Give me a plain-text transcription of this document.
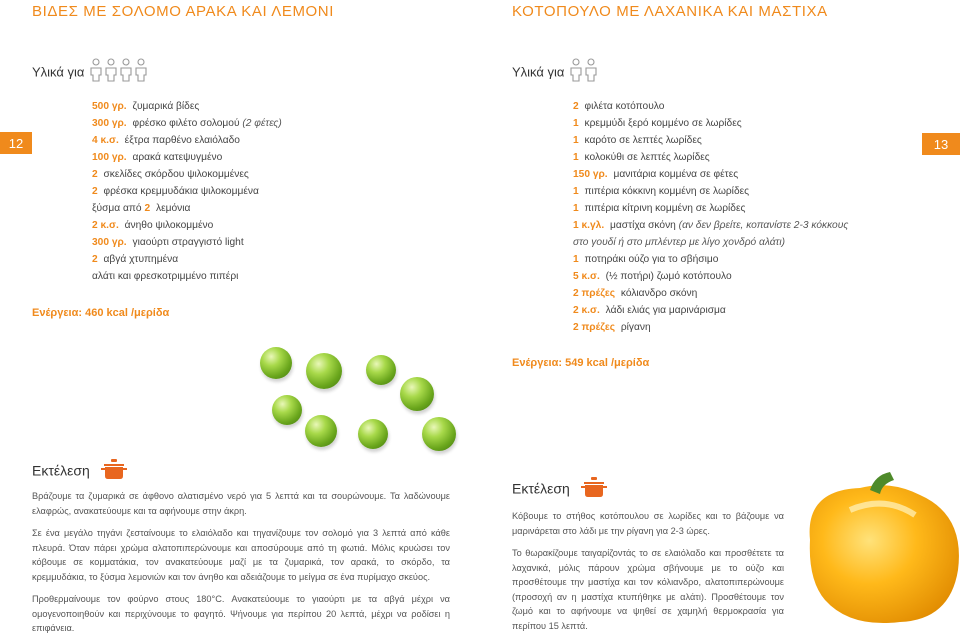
ΒΙΔΕΣ ΜΕ ΣΟΛΟΜΟ ΑΡΑΚΑ ΚΑΙ ΛΕΜΟΝΙ
Υλικά για
12
500 γρ. ζυμαρικά βίδες
300 γρ. φρέσκο φιλέτο σολομού (2 φέτες)
4 κ.σ. έξτρα παρθένο ελαιόλαδο
100 γρ. αρακά κατεψυγμένο
2 σκελίδες σκόρδου ψιλοκομμένες
2 φρέσκα κρεμμυδάκια ψιλοκομμένα
ξύσμα από 2 λεμόνια
2 κ.σ. άνηθο ψιλοκομμένο
300 γρ. γιαούρτι στραγγιστό light
2 αβγά χτυπημένα
αλάτι και φρεσκοτριμμένο πιπέρι
Ενέργεια: 460 kcal /μερίδα
Εκτέλεση

Βράζουμε τα ζυμαρικά σε άφθονο αλατισμένο νερό για 5 λεπτά και τα σουρώνουμε. Τα λαδώνουμε ελαφρώς, ανακατεύουμε και τα αφήνουμε στην άκρη.

Σε ένα μεγάλο τηγάνι ζεσταίνουμε το ελαιόλαδο και τηγανίζουμε τον σολομό για 3 λεπτά από κάθε πλευρά. Όταν πάρει χρώμα αλατοπιπερώνουμε και αποσύρουμε από τη φωτιά. Μόλις κρυώσει τον κόβουμε σε κομματάκια, τον ανακατεύουμε μαζί με τα ζυμαρικά, τον αρακά, το σκόρδο, τα κρεμμυδάκια, το ξύσμα λεμονιών και τον άνηθο και αδειάζουμε το μείγμα σε ένα πυρίμαχο σκεύος.

Προθερμαίνουμε τον φούρνο στους 180°C. Ανακατεύουμε το γιαούρτι με τα αβγά μέχρι να ομογενοποιηθούν και περιχύνουμε το φαγητό. Ψήνουμε για περίπου 20 λεπτά, μέχρι να ροδίσει η επιφάνεια.

ΚΟΤΟΠΟΥΛΟ ΜΕ ΛΑΧΑΝΙΚΑ ΚΑΙ ΜΑΣΤΙΧΑ
Υλικά για
13
2 φιλέτα κοτόπουλο
1 κρεμμύδι ξερό κομμένο σε λωρίδες
1 καρότο σε λεπτές λωρίδες
1 κολοκύθι σε λεπτές λωρίδες
150 γρ. μανιτάρια κομμένα σε φέτες
1 πιπέρια κόκκινη κομμένη σε λωρίδες
1 πιπέρια κίτρινη κομμένη σε λωρίδες
1 κ.γλ. μαστίχα σκόνη (αν δεν βρείτε, κοπανίστε 2-3 κόκκους
στο γουδί ή στο μπλέντερ με λίγο χονδρό αλάτι)
1 ποτηράκι ούζο για το σβήσιμο
5 κ.σ. (½ ποτήρι) ζωμό κοτόπουλο
2 πρέζες κόλιανδρο σκόνη
2 κ.σ. λάδι ελιάς για μαρινάρισμα
2 πρέζες ρίγανη
Ενέργεια: 549 kcal /μερίδα
Εκτέλεση

Κόβουμε το στήθος κοτόπουλου σε λωρίδες και το βάζουμε να μαρινάρεται στο λάδι με την ρίγανη για 2-3 ώρες.

Το θωρακίζουμε ταιγαρίζοντάς το σε ελαιόλαδο και προσθέτετε τα λαχανικά, μόλις πάρουν χρώμα σβήνουμε με το ούζο και προσθέτουμε την μαστίχα και τον κόλιανδρο, αλατοπιπερώνουμε (προσοχή αν η μαστίχα κτυπήθηκε με αλάτι). Προσθέτουμε τον ζωμό και το αφήνουμε να ψηθεί σε χαμηλή θερμοκρασία για περίπου 15 λεπτά.
